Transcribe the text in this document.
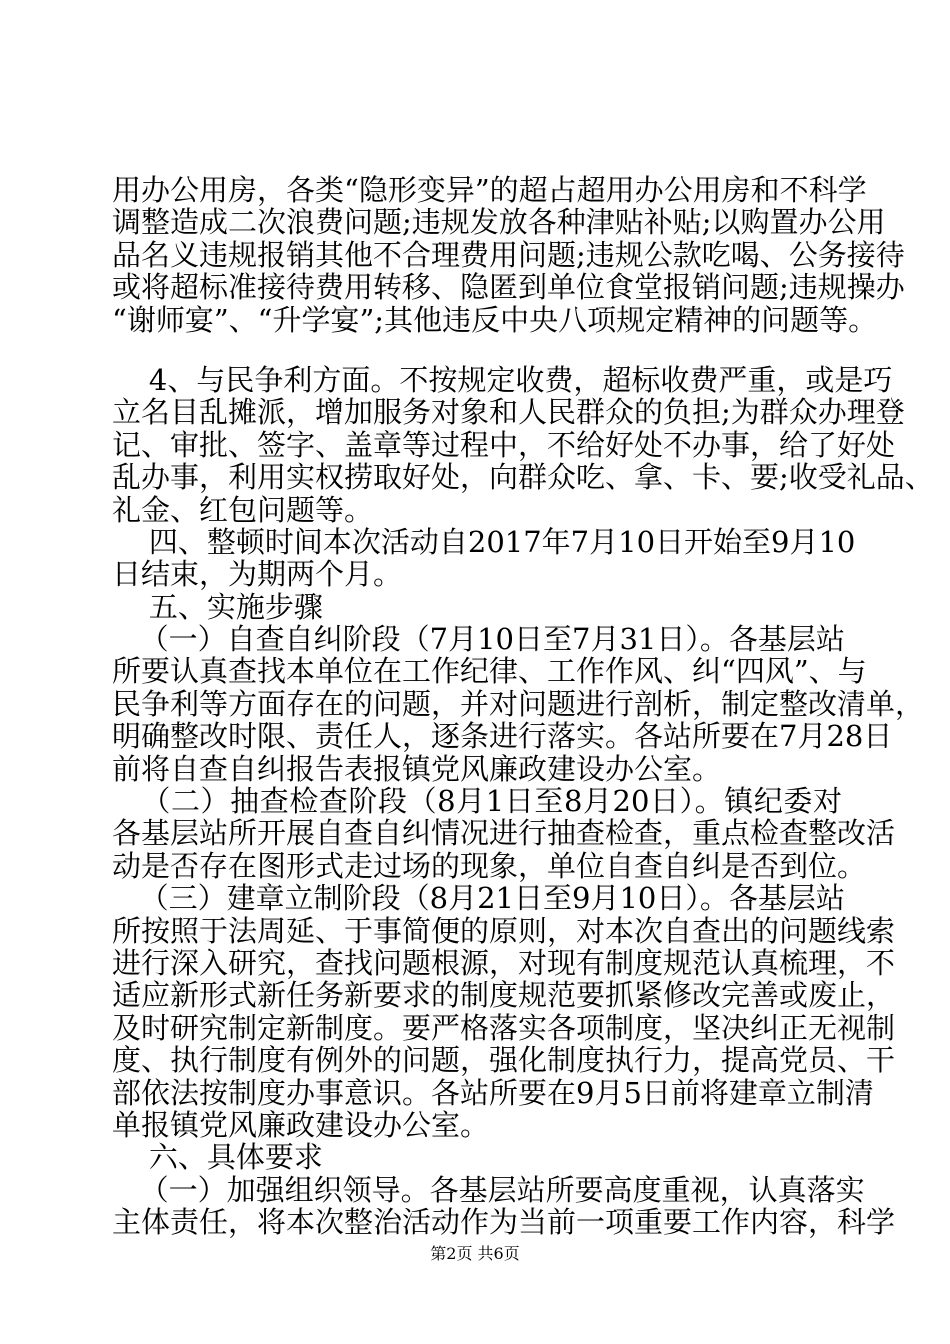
用办公用房，各类“隐形变异”的超占超用办公用房和不科学
调整造成二次浪费问题;违规发放各种津贴补贴;以购置办公用
品名义违规报销其他不合理费用问题;违规公款吃喝、公务接待
或将超标准接待费用转移、隐匿到单位食堂报销问题;违规操办
“谢师宴”、“升学宴”;其他违反中央八项规定精神的问题等。
4、与民争利方面。不按规定收费，超标收费严重，或是巧
立名目乱摊派，增加服务对象和人民群众的负担;为群众办理登
记、审批、签字、盖章等过程中，不给好处不办事，给了好处
乱办事，利用实权捞取好处，向群众吃、拿、卡、要;收受礼品、
礼金、红包问题等。
四、整顿时间本次活动自2017年7月10日开始至9月10
日结束，为期两个月。
五、实施步骤
（一）自查自纠阶段（7月10日至7月31日）。各基层站
所要认真查找本单位在工作纪律、工作作风、纠“四风”、与
民争利等方面存在的问题，并对问题进行剖析，制定整改清单，
明确整改时限、责任人，逐条进行落实。各站所要在7月28日
前将自查自纠报告表报镇党风廉政建设办公室。
（二）抽查检查阶段（8月1日至8月20日）。镇纪委对
各基层站所开展自查自纠情况进行抽查检查，重点检查整改活
动是否存在图形式走过场的现象，单位自查自纠是否到位。
（三）建章立制阶段（8月21日至9月10日）。各基层站
所按照于法周延、于事简便的原则，对本次自查出的问题线索
进行深入研究，查找问题根源，对现有制度规范认真梳理，不
适应新形式新任务新要求的制度规范要抓紧修改完善或废止，
及时研究制定新制度。要严格落实各项制度，坚决纠正无视制
度、执行制度有例外的问题，强化制度执行力，提高党员、干
部依法按制度办事意识。各站所要在9月5日前将建章立制清
单报镇党风廉政建设办公室。
六、具体要求
（一）加强组织领导。各基层站所要高度重视，认真落实
主体责任，将本次整治活动作为当前一项重要工作内容，科学
第2页 共6页
